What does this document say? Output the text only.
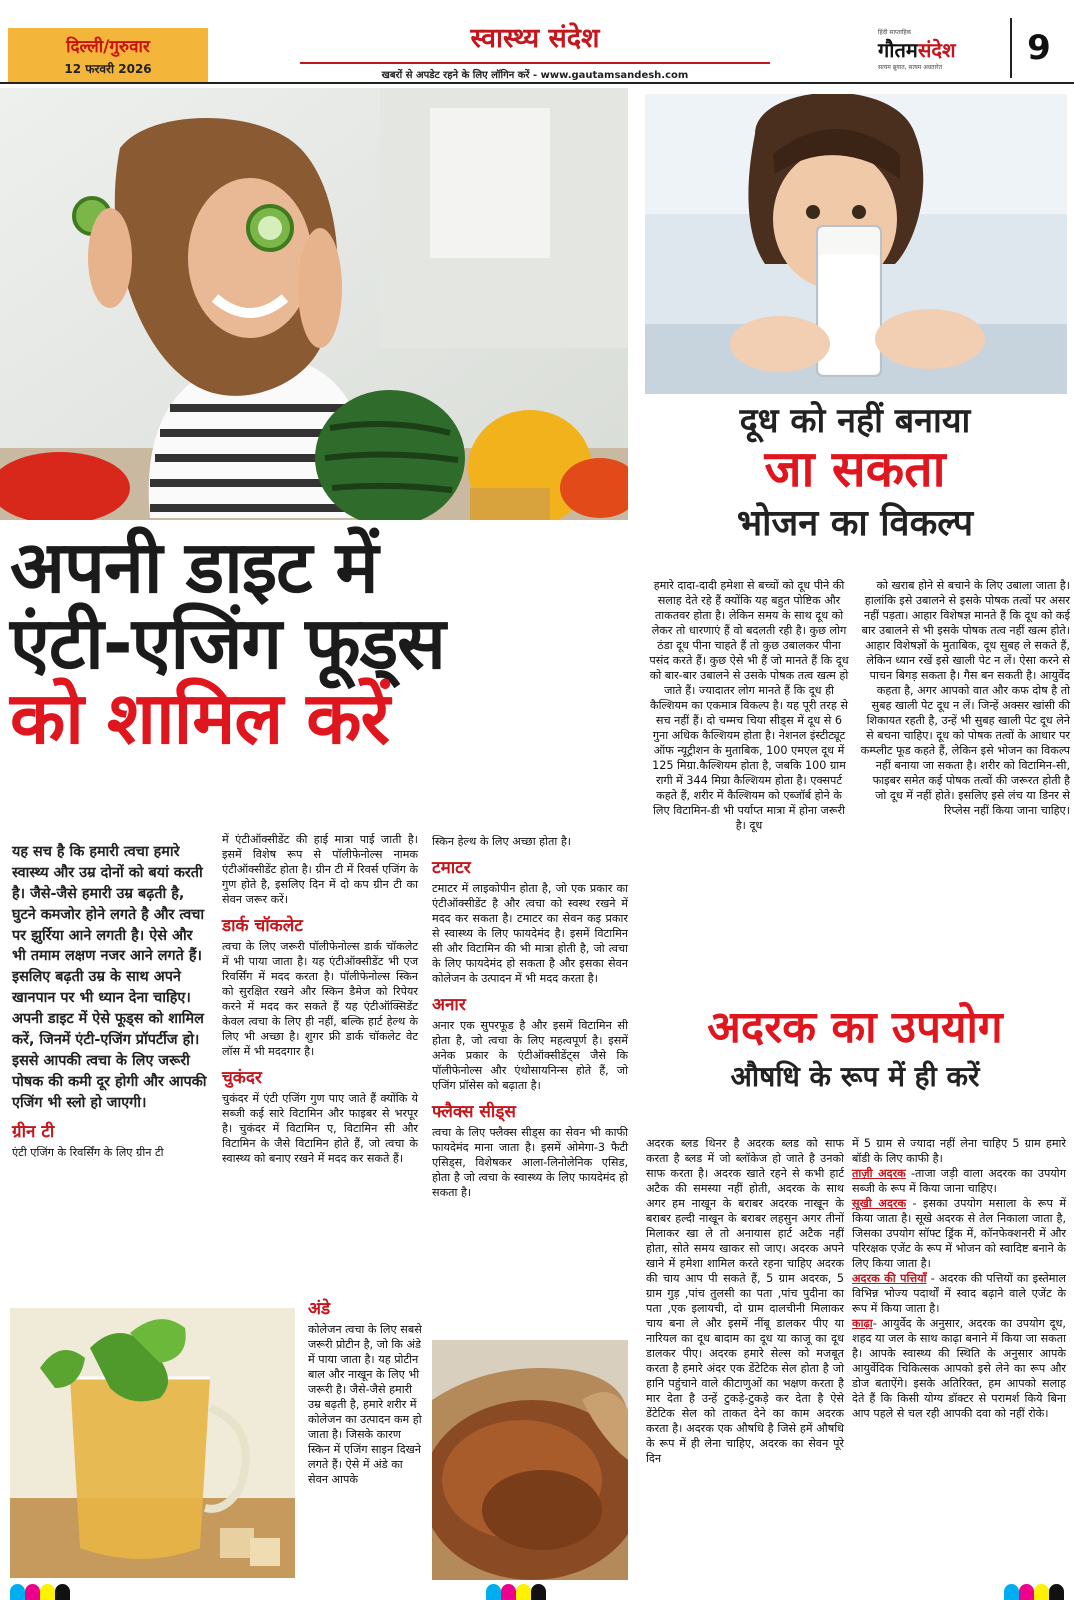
दिल्ली/गुरुवार
12 फरवरी 2026
स्वास्थ्य संदेश
खबरों से अपडेट रहने के लिए लॉगिन करें - www.gautamsandesh.com
हिंदी साप्ताहिक
गौतमसंदेश
सत्यम ब्रूयात, सत्यम अवतारेत	9
दूध को नहीं बनाया
जा सकता
भोजन का विकल्प
हमारे दादा-दादी हमेशा से बच्चों को दूध पीने की सलाह देते रहे हैं क्योंकि यह बहुत पोष्टिक और ताकतवर होता है। लेकिन समय के साथ दूध को लेकर तो धारणाएं हैं वो बदलती रही है। कुछ लोग ठंडा दूध पीना चाहते हैं तो कुछ उबालकर पीना पसंद करते हैं। कुछ ऐसे भी हैं जो मानते हैं कि दूध को बार-बार उबालने से उसके पोषक तत्व खत्म हो जाते हैं। ज्यादातर लोग मानते हैं कि दूध ही कैल्शियम का एकमात्र विकल्प है। यह पूरी तरह से सच नहीं हैं। दो चम्मच चिया सीड्स में दूध से 6 गुना अधिक कैल्शियम होता है। नेशनल इंस्टीट्यूट ऑफ न्यूट्रीशन के मुताबिक, 100 एमएल दूध में 125 मिग्रा.कैल्शियम होता है, जबकि 100 ग्राम रागी में 344 मिग्रा कैल्शियम होता है। एक्सपर्ट कहते हैं, शरीर में कैल्शियम को एब्जॉर्ब होने के लिए विटामिन-डी भी पर्याप्त मात्रा में होना जरूरी है। दूध
को खराब होने से बचाने के लिए उबाला जाता है। हालांकि इसे उबालने से इसके पोषक तत्वों पर असर नहीं पड़ता। आहार विशेषज्ञ मानते हैं कि दूध को कई बार उबालने से भी इसके पोषक तत्व नहीं खत्म होते। आहार विशेषज्ञों के मुताबिक, दूध सुबह ले सकते हैं, लेकिन ध्यान रखें इसे खाली पेट न लें। ऐसा करने से पाचन बिगड़ सकता है। गैस बन सकती है। आयुर्वेद कहता है, अगर आपको वात और कफ दोष है तो सुबह खाली पेट दूध न लें। जिन्हें अक्सर खांसी की शिकायत रहती है, उन्हें भी सुबह खाली पेट दूध लेने से बचना चाहिए। दूध को पोषक तत्वों के आधार पर कम्प्लीट फूड कहते हैं, लेकिन इसे भोजन का विकल्प नहीं बनाया जा सकता है। शरीर को विटामिन-सी, फाइबर समेत कई पोषक तत्वों की जरूरत होती है जो दूध में नहीं होते। इसलिए इसे लंच या डिनर से रिप्लेस नहीं किया जाना चाहिए।
अपनी डाइट में
एंटी-एजिंग फूड्स
को शामिल करें
यह सच है कि हमारी त्वचा हमारे स्वास्थ्य और उम्र दोनों को बयां करती है। जैसे-जैसे हमारी उम्र बढ़ती है, घुटने कमजोर होने लगते है और त्वचा पर झुर्रिया आने लगती है। ऐसे और भी तमाम लक्षण नजर आने लगते हैं। इसलिए बढ़ती उम्र के साथ अपने खानपान पर भी ध्यान देना चाहिए। अपनी डाइट में ऐसे फूड्स को शामिल करें, जिनमें एंटी-एजिंग प्रॉपर्टीज हो। इससे आपकी त्वचा के लिए जरूरी पोषक की कमी दूर होगी और आपकी एजिंग भी स्लो हो जाएगी।
ग्रीन टी
एंटी एजिंग के रिवर्सिंग के लिए ग्रीन टी
में एंटीऑक्सीडेंट की हाई मात्रा पाई जाती है। इसमें विशेष रूप से पॉलीफेनोल्स नामक एंटीऑक्सीडेंट होता है। ग्रीन टी में रिवर्स एजिंग के गुण होते है, इसलिए दिन में दो कप ग्रीन टी का सेवन जरूर करें।
डार्क चॉकलेट
त्वचा के लिए जरूरी पॉलीफेनोल्स डार्क चॉकलेट में भी पाया जाता है। यह एंटीऑक्सीडेंट भी एज रिवर्सिंग में मदद करता है। पॉलीफेनोल्स स्किन को सुरक्षित रखने और स्किन डैमेज को रिपेयर करने में मदद कर सकते हैं यह एंटीऑक्सिडेंट केवल त्वचा के लिए ही नहीं, बल्कि हार्ट हेल्थ के लिए भी अच्छा है। शुगर फ्री डार्क चॉकलेट वेट लॉस में भी मददगार है।
चुकंदर
चुकंदर में एंटी एजिंग गुण पाए जाते हैं क्योंकि ये सब्जी कई सारे विटामिन और फाइबर से भरपूर है। चुकंदर में विटामिन ए, विटामिन सी और विटामिन के जैसे विटामिन होते हैं, जो त्वचा के स्वास्थ्य को बनाए रखने में मदद कर सकते हैं।
स्किन हेल्थ के लिए अच्छा होता है।
टमाटर
टमाटर में लाइकोपीन होता है, जो एक प्रकार का एंटीऑक्सीडेंट है और त्वचा को स्वस्थ रखने में मदद कर सकता है। टमाटर का सेवन कइ प्रकार से स्वास्थ्य के लिए फायदेमंद है। इसमें विटामिन सी और विटामिन की भी मात्रा होती है, जो त्वचा के लिए फायदेमंद हो सकता है और इसका सेवन कोलेजन के उत्पादन में भी मदद करता है।
अनार
अनार एक सुपरफूड है और इसमें विटामिन सी होता है, जो त्वचा के लिए महत्वपूर्ण है। इसमें अनेक प्रकार के एंटीऑक्सीडेंट्स जैसे कि पॉलीफेनोल्स और एंथोसायनिन्स होते हैं, जो एजिंग प्रॉसेस को बढ़ाता है।
फ्लैक्स सीड्स
त्वचा के लिए फ्लैक्स सीड्स का सेवन भी काफी फायदेमंद माना जाता है। इसमें ओमेगा-3 फैटी एसिड्स, विशेषकर आला-लिनोलेनिक एसिड, होता है जो त्वचा के स्वास्थ्य के लिए फायदेमंद हो सकता है।
अंडे
कोलेजन त्वचा के लिए सबसे जरूरी प्रोटीन है, जो कि अंडे में पाया जाता है। यह प्रोटीन बाल और नाखून के लिए भी जरूरी है। जैसे-जैसे हमारी उम्र बढ़ती है, हमारे शरीर में कोलेजन का उत्पादन कम हो जाता है। जिसके कारण स्किन में एजिंग साइन दिखने लगते हैं। ऐसे में अंडे का सेवन आपके
अदरक का उपयोग
औषधि के रूप में ही करें
अदरक ब्लड थिनर है अदरक ब्लड को साफ करता है ब्लड में जो ब्लॉकेज हो जाते है उनको साफ करता है। अदरक खाते रहने से कभी हार्ट अटैक की समस्या नहीं होती, अदरक के साथ अगर हम नाखून के बराबर अदरक नाखून के बराबर हल्दी नाखून के बराबर लहसुन अगर तीनों मिलाकर खा ले तो अनायास हार्ट अटैक नहीं होता, सोते समय खाकर सो जाए। अदरक अपने खाने में हमेशा शामिल करते रहना चाहिए अदरक की चाय आप पी सकते हैं, 5 ग्राम अदरक, 5 ग्राम गुड़ ,पांच तुलसी का पता ,पांच पुदीना का पता ,एक इलायची, दो ग्राम दालचीनी मिलाकर चाय बना ले और इसमें नींबू डालकर पीए या नारियल का दूध बादाम का दूध या काजू का दूध डालकर पीए। अदरक हमारे सेल्स को मजबूत करता है हमारे अंदर एक डेंटेटिक सेल होता है जो हानि पहुंचाने वाले कीटाणुओं का भक्षण करता है मार देता है उन्हें टुकड़े-टुकड़े कर देता है ऐसे डेंटेटिक सेल को ताकत देने का काम अदरक करता है। अदरक एक औषधि है जिसे हमें औषधि के रूप में ही लेना चाहिए, अदरक का सेवन पूरे दिन
में 5 ग्राम से ज्यादा नहीं लेना चाहिए 5 ग्राम हमारे बॉडी के लिए काफी है।
ताज़ी अदरक -ताजा जड़ी वाला अदरक का उपयोग सब्जी के रूप में किया जाना चाहिए।
सूखी अदरक - इसका उपयोग मसाला के रूप में किया जाता है। सूखे अदरक से तेल निकाला जाता है, जिसका उपयोग सॉफ्ट ड्रिंक में, कॉनफेक्शनरी में और परिरक्षक एजेंट के रूप में भोजन को स्वादिष्ट बनाने के लिए किया जाता है।
अदरक की पत्तियाँ - अदरक की पत्तियों का इस्तेमाल विभिन्न भोज्य पदार्थों में स्वाद बढ़ाने वाले एजेंट के रूप में किया जाता है।
काढ़ा- आयुर्वेद के अनुसार, अदरक का उपयोग दूध, शहद या जल के साथ काढ़ा बनाने में किया जा सकता है। आपके स्वास्थ्य की स्थिति के अनुसार आपके आयुर्वेदिक चिकित्सक आपको इसे लेने का रूप और डोज बताऐंगे। इसके अतिरिक्त, हम आपको सलाह देते हैं कि किसी योग्य डॉक्टर से परामर्श किये बिना आप पहले से चल रही आपकी दवा को नहीं रोके।
